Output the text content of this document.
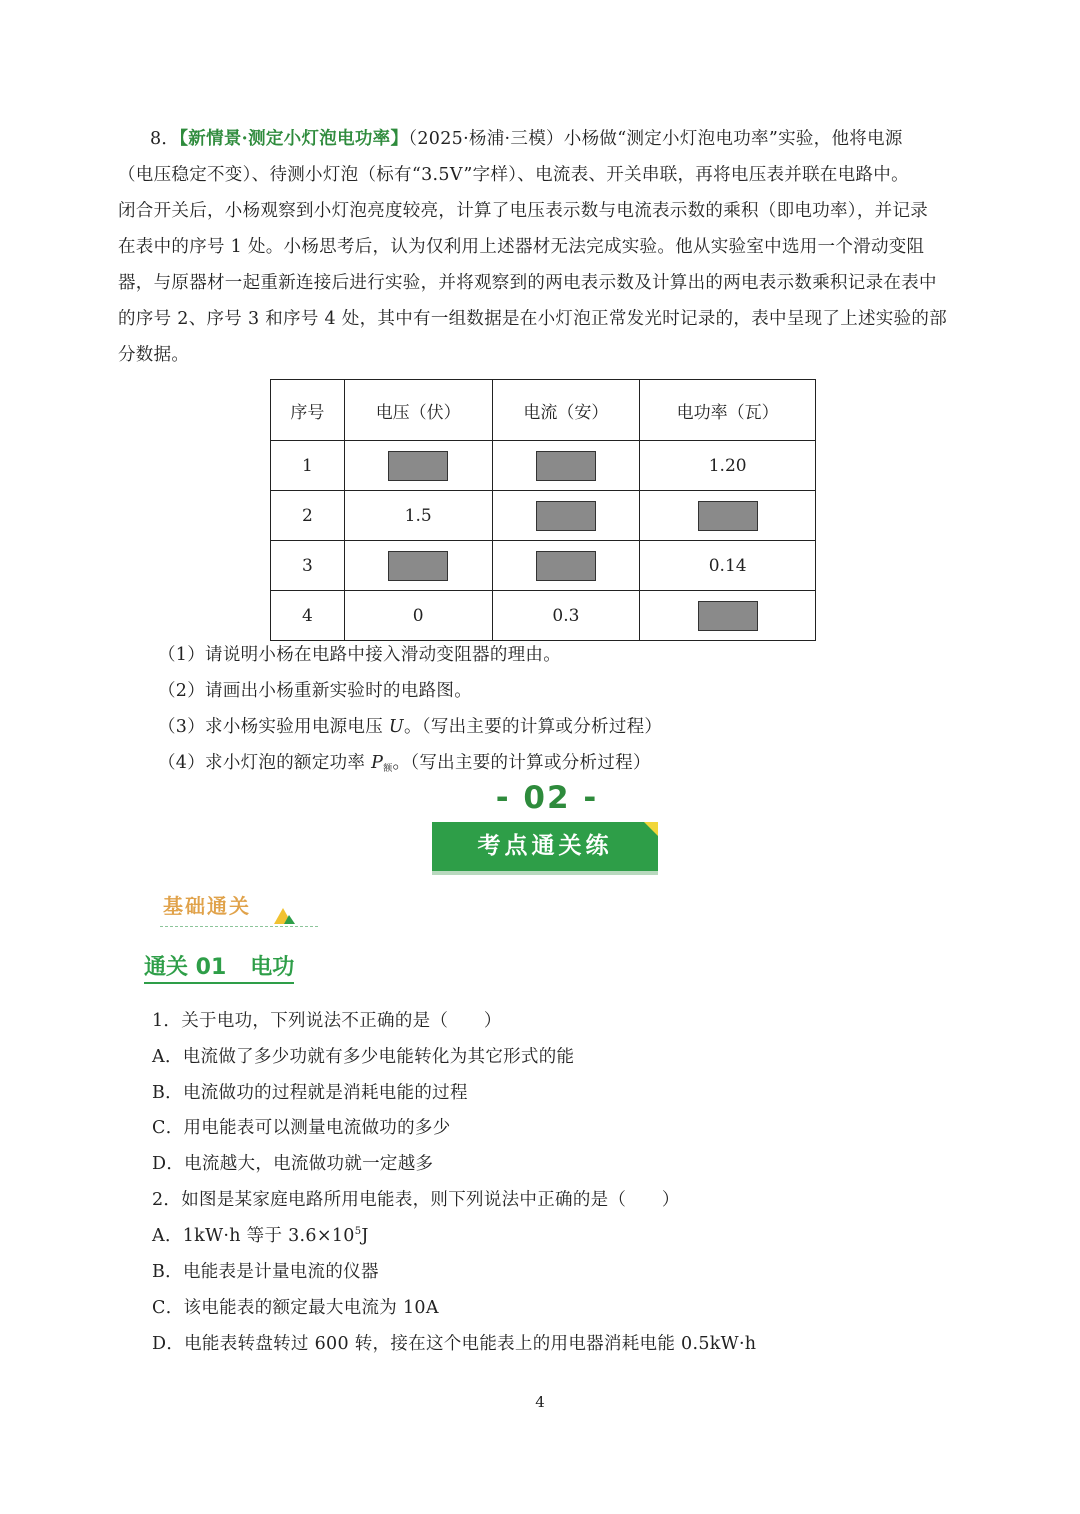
8．【新情景·测定小灯泡电功率】（2025·杨浦·三模）小杨做“测定小灯泡电功率”实验，他将电源
（电压稳定不变）、待测小灯泡（标有“3.5V”字样）、电流表、开关串联，再将电压表并联在电路中。
闭合开关后，小杨观察到小灯泡亮度较亮，计算了电压表示数与电流表示数的乘积（即电功率），并记录
在表中的序号 1 处。小杨思考后，认为仅利用上述器材无法完成实验。他从实验室中选用一个滑动变阻
器，与原器材一起重新连接后进行实验，并将观察到的两电表示数及计算出的两电表示数乘积记录在表中
的序号 2、序号 3 和序号 4 处，其中有一组数据是在小灯泡正常发光时记录的，表中呈现了上述实验的部
分数据。
序号	电压（伏）	电流（安）	电功率（瓦）
1			1.20
2	1.5		
3			0.14
4	0	0.3	
（1）请说明小杨在电路中接入滑动变阻器的理由。
（2）请画出小杨重新实验时的电路图。
（3）求小杨实验用电源电压 U。（写出主要的计算或分析过程）
（4）求小灯泡的额定功率 $P_额$。（写出主要的计算或分析过程）
- 02 -
考点通关练
基础通关
通关 01 电功
1．关于电功，下列说法不正确的是（　　）
A．电流做了多少功就有多少电能转化为其它形式的能
B．电流做功的过程就是消耗电能的过程
C．用电能表可以测量电流做功的多少
D．电流越大，电流做功就一定越多
2．如图是某家庭电路所用电能表，则下列说法中正确的是（　　）
A．1kW·h 等于 $3.6\times 10^5J$
B．电能表是计量电流的仪器
C．该电能表的额定最大电流为 10A
D．电能表转盘转过 600 转，接在这个电能表上的用电器消耗电能 0.5kW·h
4
